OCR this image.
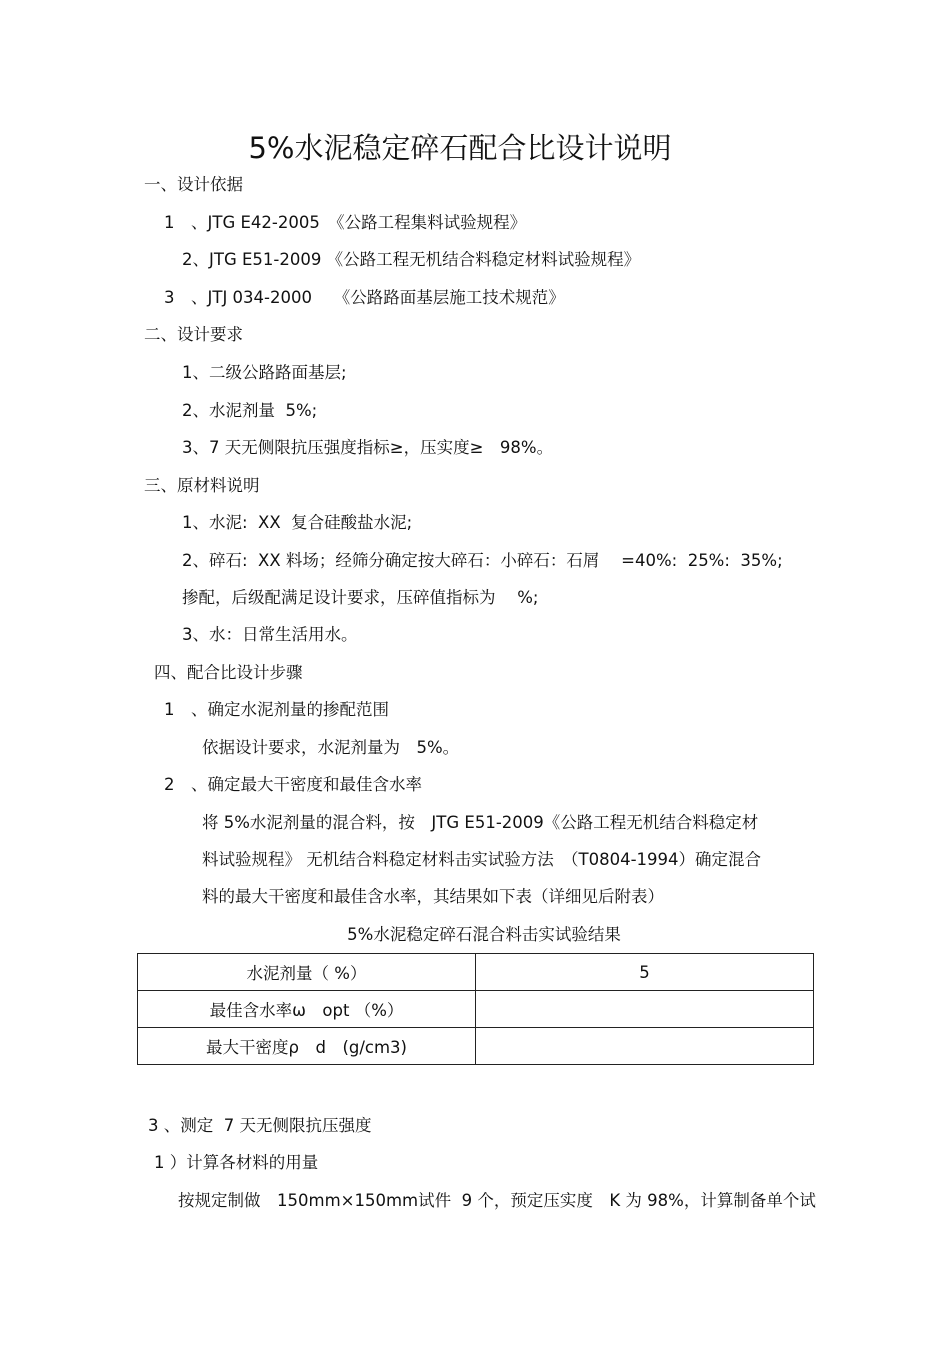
5%水泥稳定碎石配合比设计说明
一、设计依据
1　、JTG E42-2005　《公路工程集料试验规程》
2、JTG E51-2009 《公路工程无机结合料稳定材料试验规程》
3　、JTJ 034-2000　 《公路路面基层施工技术规范》
二、设计要求
1、二级公路路面基层;
2、水泥剂量  5%;
3、7 天无侧限抗压强度指标≥，压实度≥　98%。
三、原材料说明
1、水泥:  XX  复合硅酸盐水泥;
2、碎石:  XX 料场；经筛分确定按大碎石：小碎石：石屑　 =40%:  25%:  35%;
掺配，后级配满足设计要求，压碎值指标为　 %;
3、水：日常生活用水。
四、配合比设计步骤
1　、确定水泥剂量的掺配范围
依据设计要求，水泥剂量为　5%。
2　、确定最大干密度和最佳含水率
将 5%水泥剂量的混合料，按　JTG E51-2009《公路工程无机结合料稳定材
料试验规程》 无机结合料稳定材料击实试验方法　（T0804-1994）确定混合
料的最大干密度和最佳含水率，其结果如下表（详细见后附表）
5%水泥稳定碎石混合料击实试验结果
水泥剂量（ %）	5
最佳含水率ω　opt （%）	
最大干密度ρ　d　(g/cm3)	
3 、测定  7 天无侧限抗压强度
1 ）计算各材料的用量
按规定制做　150mm×150mm试件  9 个，预定压实度　K 为 98%，计算制备单个试
